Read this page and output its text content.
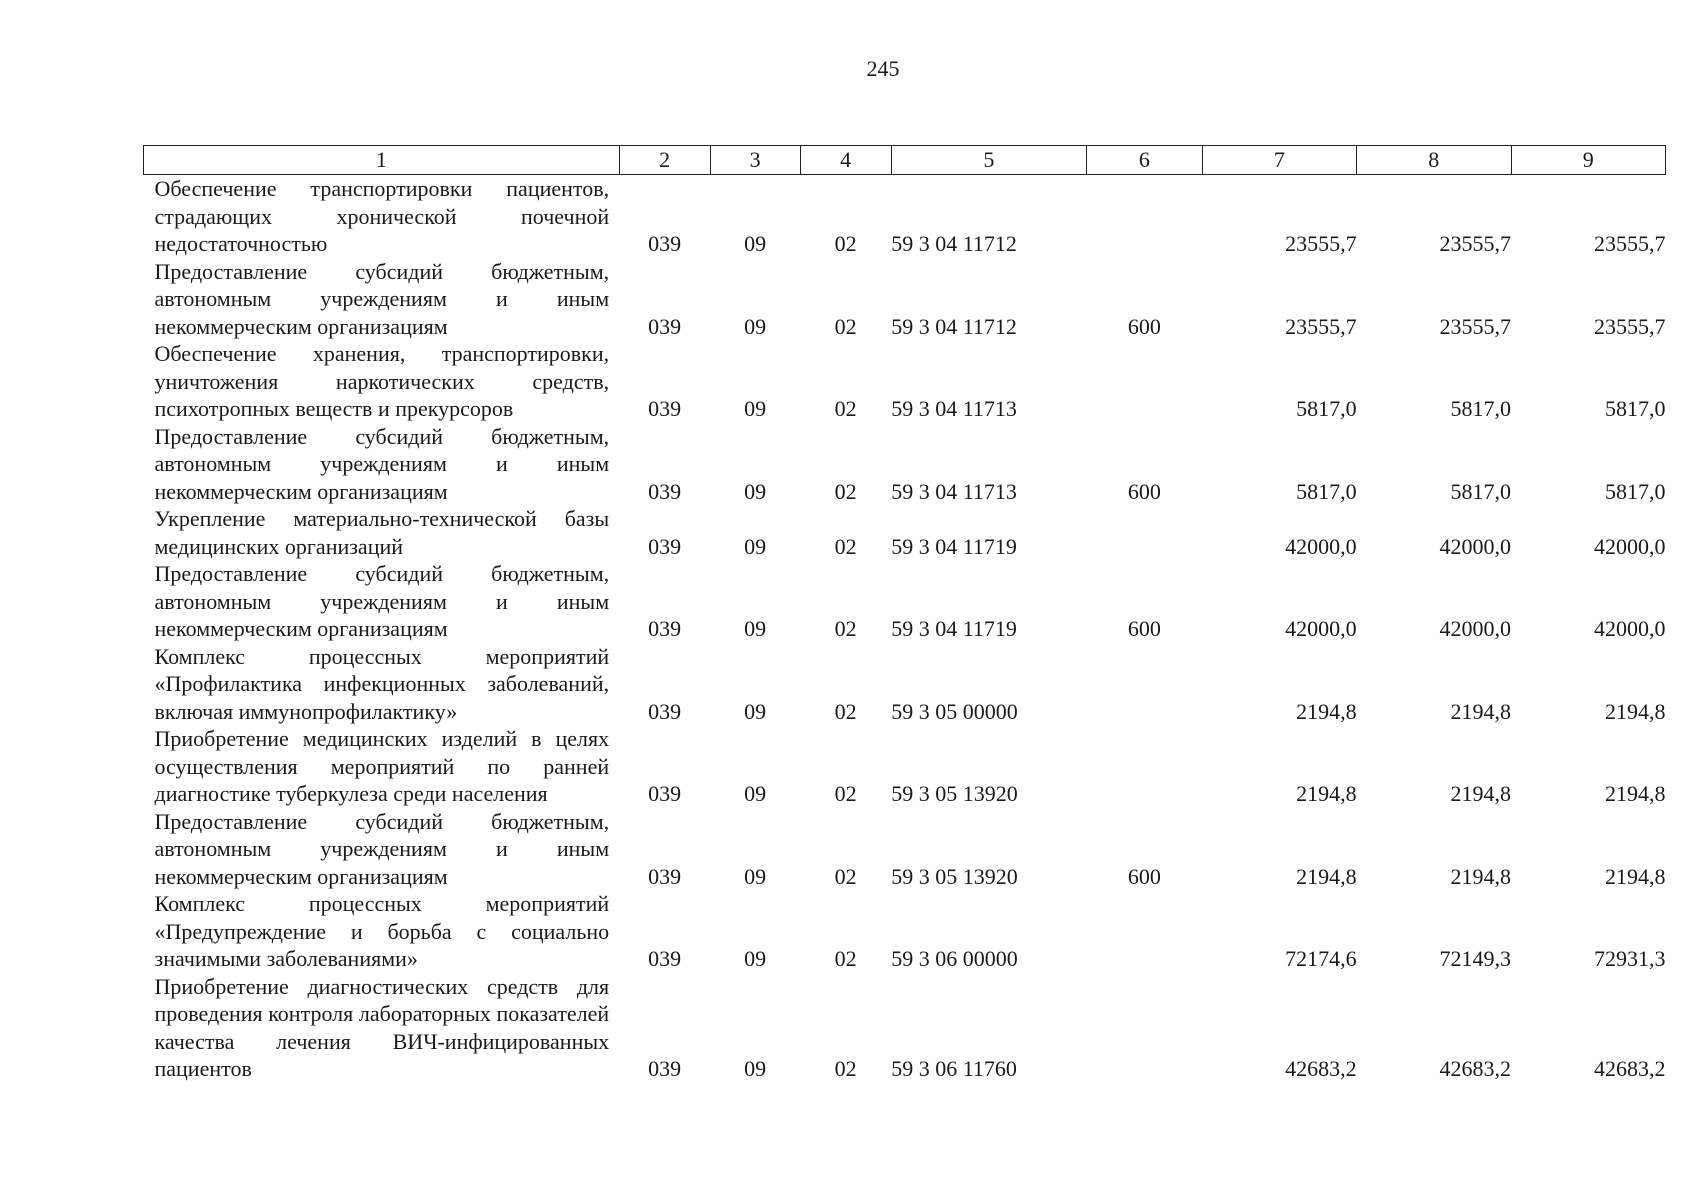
245
1	2	3	4	5	6	7	8	9
Обеспечение транспортировки пациентов, страдающих хронической почечной недостаточностью	039	09	02	59 3 04 11712		23555,7	23555,7	23555,7
Предоставление субсидий бюджетным, автономным учреждениям и иным некоммерческим организациям	039	09	02	59 3 04 11712	600	23555,7	23555,7	23555,7
Обеспечение хранения, транспортировки, уничтожения наркотических средств, психотропных веществ и прекурсоров	039	09	02	59 3 04 11713		5817,0	5817,0	5817,0
Предоставление субсидий бюджетным, автономным учреждениям и иным некоммерческим организациям	039	09	02	59 3 04 11713	600	5817,0	5817,0	5817,0
Укрепление материально-технической базы медицинских организаций	039	09	02	59 3 04 11719		42000,0	42000,0	42000,0
Предоставление субсидий бюджетным, автономным учреждениям и иным некоммерческим организациям	039	09	02	59 3 04 11719	600	42000,0	42000,0	42000,0
Комплекс процессных мероприятий «Профилактика инфекционных заболеваний, включая иммунопрофилактику»	039	09	02	59 3 05 00000		2194,8	2194,8	2194,8
Приобретение медицинских изделий в целях осуществления мероприятий по ранней диагностике туберкулеза среди населения	039	09	02	59 3 05 13920		2194,8	2194,8	2194,8
Предоставление субсидий бюджетным, автономным учреждениям и иным некоммерческим организациям	039	09	02	59 3 05 13920	600	2194,8	2194,8	2194,8
Комплекс процессных мероприятий «Предупреждение и борьба с социально значимыми заболеваниями»	039	09	02	59 3 06 00000		72174,6	72149,3	72931,3
Приобретение диагностических средств для проведения контроля лабораторных показателей качества лечения ВИЧ-инфицированных пациентов	039	09	02	59 3 06 11760		42683,2	42683,2	42683,2
